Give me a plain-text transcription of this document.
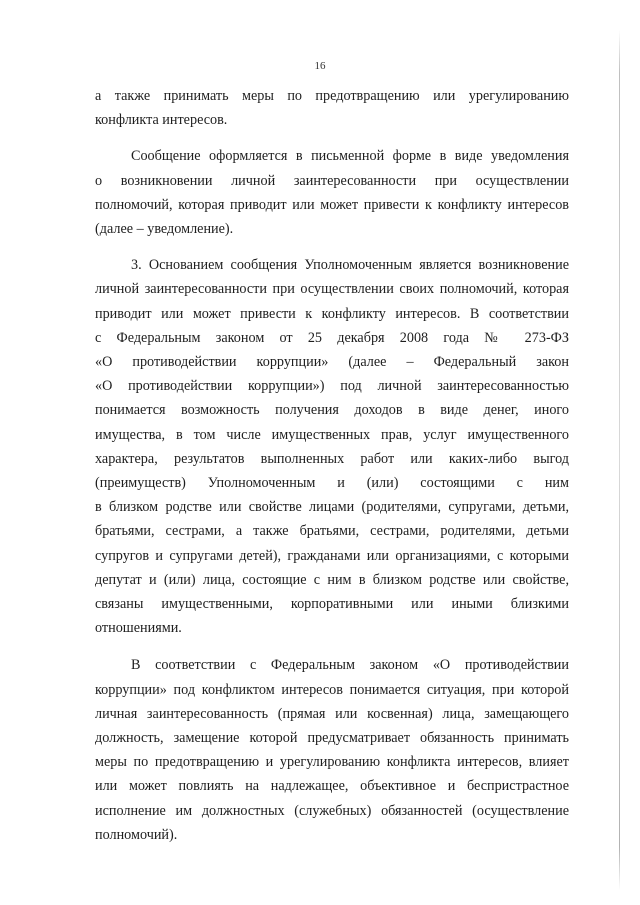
16
а также принимать меры по предотвращению или урегулированию
конфликта интересов.
Сообщение оформляется в письменной форме в виде уведомления
о возникновении личной заинтересованности при осуществлении
полномочий, которая приводит или может привести к конфликту интересов
(далее – уведомление).
3. Основанием сообщения Уполномоченным является возникновение
личной заинтересованности при осуществлении своих полномочий, которая
приводит или может привести к конфликту интересов. В соответствии
с Федеральным законом от 25 декабря 2008 года № 273-ФЗ
«О противодействии коррупции» (далее – Федеральный закон
«О противодействии коррупции») под личной заинтересованностью
понимается возможность получения доходов в виде денег, иного
имущества, в том числе имущественных прав, услуг имущественного
характера, результатов выполненных работ или каких-либо выгод
(преимуществ) Уполномоченным и (или) состоящими с ним
в близком родстве или свойстве лицами (родителями, супругами, детьми,
братьями, сестрами, а также братьями, сестрами, родителями, детьми
супругов и супругами детей), гражданами или организациями, с которыми
депутат и (или) лица, состоящие с ним в близком родстве или свойстве,
связаны имущественными, корпоративными или иными близкими
отношениями.
В соответствии с Федеральным законом «О противодействии
коррупции» под конфликтом интересов понимается ситуация, при которой
личная заинтересованность (прямая или косвенная) лица, замещающего
должность, замещение которой предусматривает обязанность принимать
меры по предотвращению и урегулированию конфликта интересов, влияет
или может повлиять на надлежащее, объективное и беспристрастное
исполнение им должностных (служебных) обязанностей (осуществление
полномочий).
